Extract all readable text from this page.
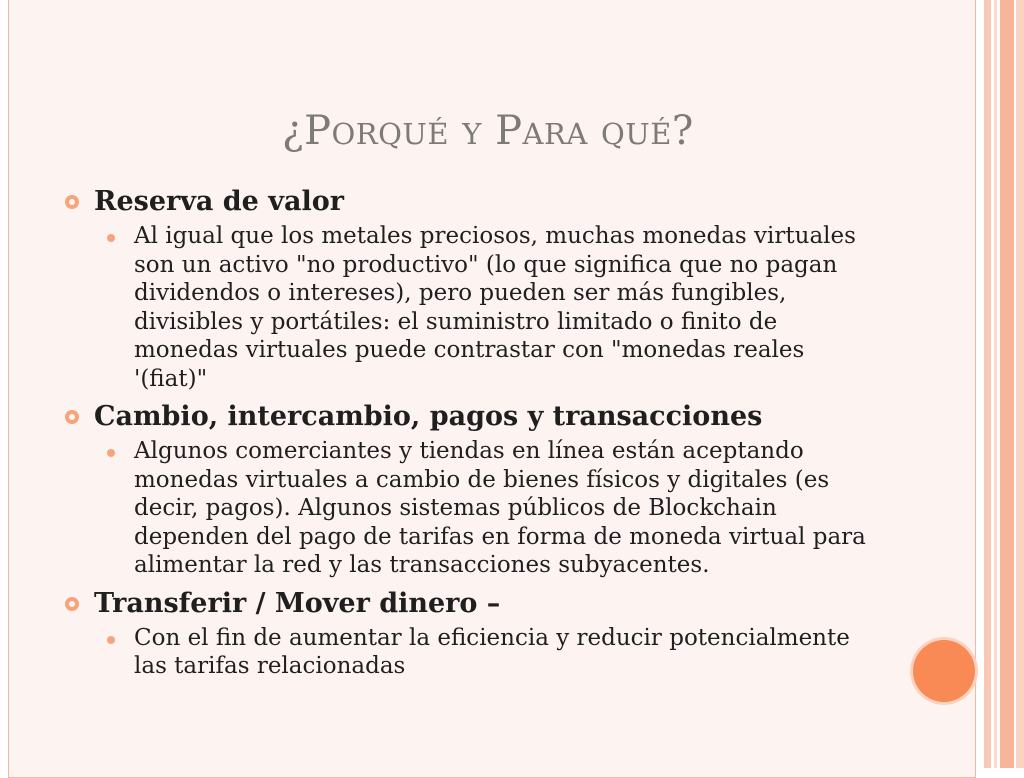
¿PORQUÉ Y PARA QUÉ?
Reserva de valor
Al igual que los metales preciosos, muchas monedas virtuales son un activo "no productivo" (lo que significa que no pagan dividendos o intereses), pero pueden ser más fungibles, divisibles y portátiles: el suministro limitado o finito de monedas virtuales puede contrastar con "monedas reales '(fiat)"
Cambio, intercambio, pagos y transacciones
Algunos comerciantes y tiendas en línea están aceptando monedas virtuales a cambio de bienes físicos y digitales (es decir, pagos). Algunos sistemas públicos de Blockchain dependen del pago de tarifas en forma de moneda virtual para alimentar la red y las transacciones subyacentes.
Transferir / Mover dinero –
Con el fin de aumentar la eficiencia y reducir potencialmente las tarifas relacionadas
